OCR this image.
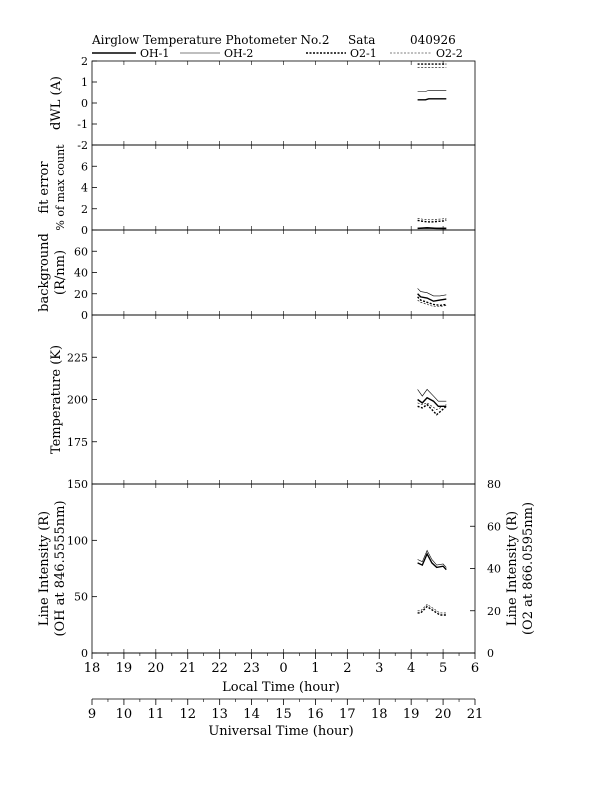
Airglow Temperature Photometer No.2 Sata	040926
OH-1	OH-2	O2-1	O2-2
2
1
0
-1
-2
dWL (A)
6
4
2
0
fit error % of max count
60
40
20
0
background (R/nm)
225
200
175
Temperature (K)
150
100
50
0
80
60
40
20
0
Line Intensity (R) (O2 at 866.0595nm)
Line Intensity (R) (OH at 846.5555nm)
18 19 20 21 22 23 0 1 2 3 4 5 6
9 10 11 12 13 14 15 16 17 18 19 20 21
Local Time (hour)
Universal Time (hour)
